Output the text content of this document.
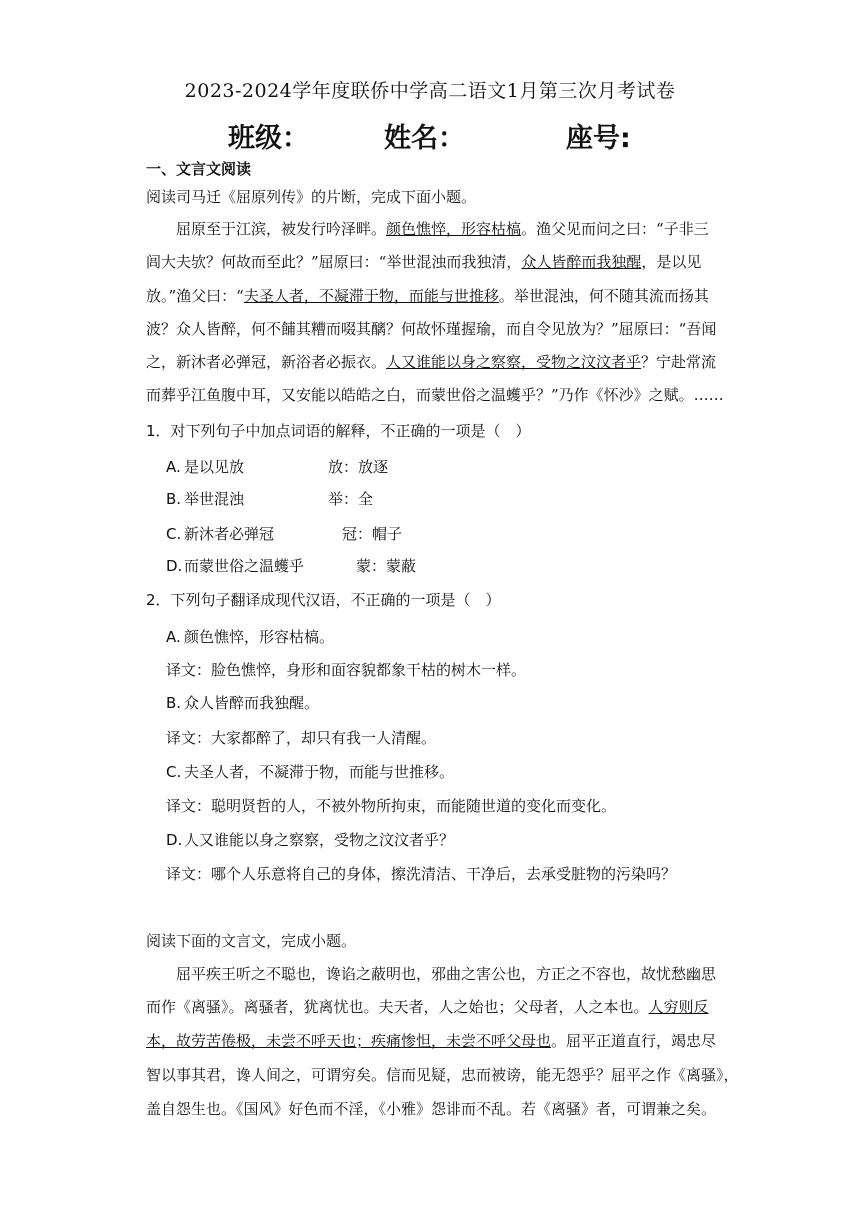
2023-2024学年度联侨中学高二语文1月第三次月考试卷
班级：	姓名：	座号:
一、文言文阅读
阅读司马迁《屈原列传》的片断，完成下面小题。
屈原至于江滨，被发行吟泽畔。颜色憔悴，形容枯槁。渔父见而问之曰：“子非三
闾大夫欤？何故而至此？”屈原曰：“举世混浊而我独清，众人皆醉而我独醒，是以见
放。”渔父曰：“夫圣人者，不凝滞于物，而能与世推移。举世混浊，何不随其流而扬其
波？众人皆醉，何不餔其糟而啜其醨？何故怀瑾握瑜，而自令见放为？”屈原曰：“吾闻
之，新沐者必弹冠，新浴者必振衣。人又谁能以身之察察，受物之汶汶者乎？宁赴常流
而葬乎江鱼腹中耳，又安能以皓皓之白，而蒙世俗之温蠖乎？”乃作《怀沙》之赋。……
1．对下列句子中加点词语的解释，不正确的一项是（　）
A. 是以见放	放：放逐
B. 举世混浊	举：全
C. 新沐者必弹冠	冠：帽子
D. 而蒙世俗之温蠖乎	蒙：蒙蔽
2．下列句子翻译成现代汉语，不正确的一项是（　）
A. 颜色憔悴，形容枯槁。
译文：脸色憔悴，身形和面容貌都象干枯的树木一样。
B. 众人皆醉而我独醒。
译文：大家都醉了，却只有我一人清醒。
C. 夫圣人者，不凝滞于物，而能与世推移。
译文：聪明贤哲的人，不被外物所拘束，而能随世道的变化而变化。
D. 人又谁能以身之察察，受物之汶汶者乎？
译文：哪个人乐意将自己的身体，擦洗清洁、干净后，去承受脏物的污染吗？
阅读下面的文言文，完成小题。
屈平疾王听之不聪也，谗谄之蔽明也，邪曲之害公也，方正之不容也，故忧愁幽思
而作《离骚》。离骚者，犹离忧也。夫天者，人之始也；父母者，人之本也。人穷则反
本，故劳苦倦极，未尝不呼天也；疾痛惨怛，未尝不呼父母也。屈平正道直行，竭忠尽
智以事其君，谗人间之，可谓穷矣。信而见疑，忠而被谤，能无怨乎？屈平之作《离骚》，
盖自怨生也。《国风》好色而不淫，《小雅》怨诽而不乱。若《离骚》者，可谓兼之矣。
